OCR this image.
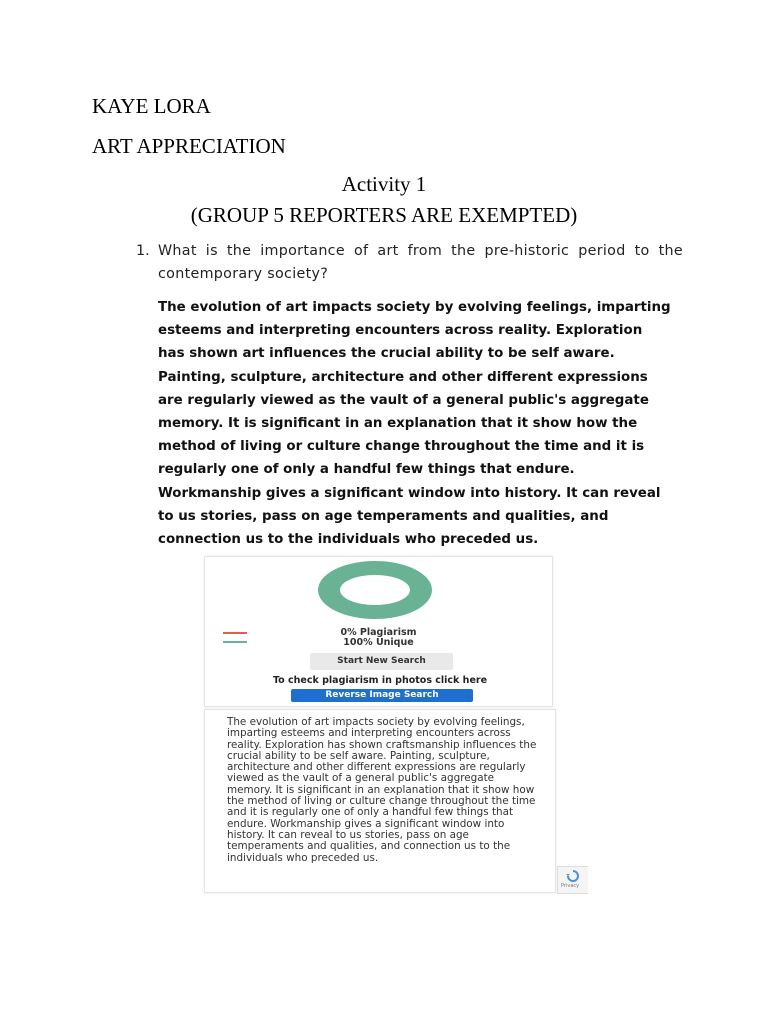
KAYE LORA
ART APPRECIATION
Activity 1
(GROUP 5 REPORTERS ARE EXEMPTED)
1. What is the importance of art from the pre-historic period to the contemporary society?
The evolution of art impacts society by evolving feelings, imparting esteems and interpreting encounters across reality. Exploration has shown art influences the crucial ability to be self aware. Painting, sculpture, architecture and other different expressions are regularly viewed as the vault of a general public's aggregate memory. It is significant in an explanation that it show how the method of living or culture change throughout the time and it is regularly one of only a handful few things that endure. Workmanship gives a significant window into history. It can reveal to us stories, pass on age temperaments and qualities, and connection us to the individuals who preceded us.
0% Plagiarism
100% Unique
Start New Search
To check plagiarism in photos click here
Reverse Image Search
The evolution of art impacts society by evolving feelings, imparting esteems and interpreting encounters across reality. Exploration has shown craftsmanship influences the crucial ability to be self aware. Painting, sculpture, architecture and other different expressions are regularly viewed as the vault of a general public's aggregate memory. It is significant in an explanation that it show how the method of living or culture change throughout the time and it is regularly one of only a handful few things that endure. Workmanship gives a significant window into history. It can reveal to us stories, pass on age temperaments and qualities, and connection us to the individuals who preceded us.
Privacy
